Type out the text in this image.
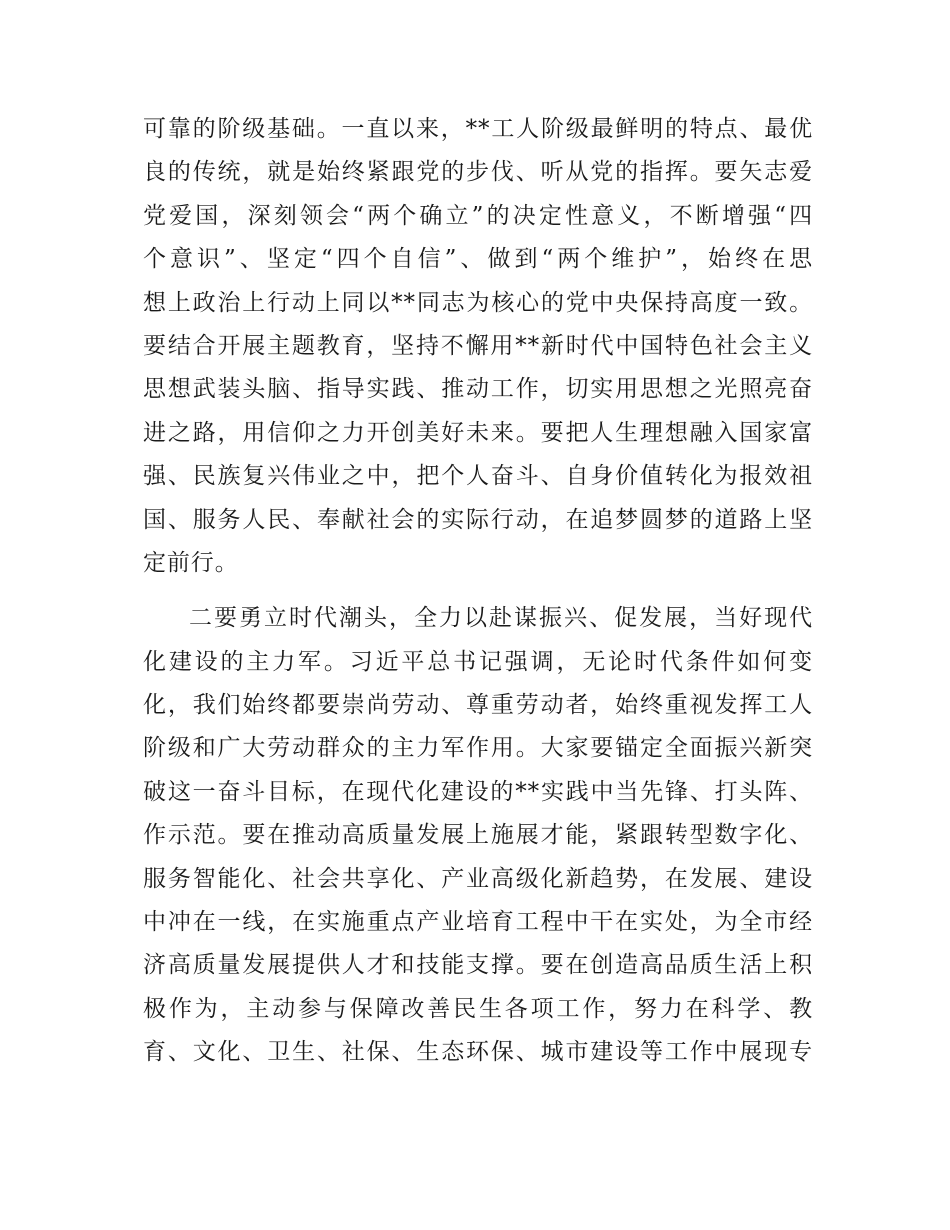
可靠的阶级基础。一直以来，**工人阶级最鲜明的特点、最优
良的传统，就是始终紧跟党的步伐、听从党的指挥。要矢志爱
党爱国，深刻领会“两个确立”的决定性意义，不断增强“四
个意识”、坚定“四个自信”、做到“两个维护”，始终在思
想上政治上行动上同以**同志为核心的党中央保持高度一致。
要结合开展主题教育，坚持不懈用**新时代中国特色社会主义
思想武装头脑、指导实践、推动工作，切实用思想之光照亮奋
进之路，用信仰之力开创美好未来。要把人生理想融入国家富
强、民族复兴伟业之中，把个人奋斗、自身价值转化为报效祖
国、服务人民、奉献社会的实际行动，在追梦圆梦的道路上坚
定前行。
二要勇立时代潮头，全力以赴谋振兴、促发展，当好现代
化建设的主力军。习近平总书记强调，无论时代条件如何变
化，我们始终都要崇尚劳动、尊重劳动者，始终重视发挥工人
阶级和广大劳动群众的主力军作用。大家要锚定全面振兴新突
破这一奋斗目标，在现代化建设的**实践中当先锋、打头阵、
作示范。要在推动高质量发展上施展才能，紧跟转型数字化、
服务智能化、社会共享化、产业高级化新趋势，在发展、建设
中冲在一线，在实施重点产业培育工程中干在实处，为全市经
济高质量发展提供人才和技能支撑。要在创造高品质生活上积
极作为，主动参与保障改善民生各项工作，努力在科学、教
育、文化、卫生、社保、生态环保、城市建设等工作中展现专
